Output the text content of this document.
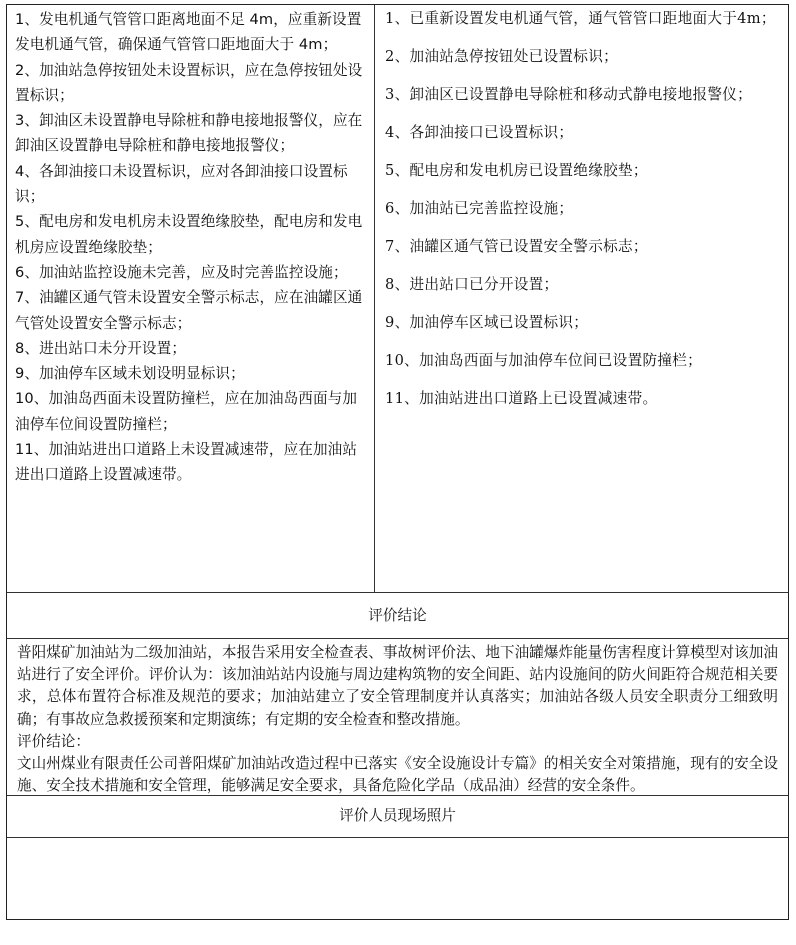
1、发电机通气管管口距离地面不足 4m，应重新设置发电机通气管，确保通气管管口距地面大于 4m；

2、加油站急停按钮处未设置标识，应在急停按钮处设置标识；

3、卸油区未设置静电导除桩和静电接地报警仪，应在卸油区设置静电导除桩和静电接地报警仪；

4、各卸油接口未设置标识，应对各卸油接口设置标识；

5、配电房和发电机房未设置绝缘胶垫，配电房和发电机房应设置绝缘胶垫；

6、加油站监控设施未完善，应及时完善监控设施；

7、油罐区通气管未设置安全警示标志，应在油罐区通气管处设置安全警示标志；

8、进出站口未分开设置；

9、加油停车区域未划设明显标识；

10、加油岛西面未设置防撞栏，应在加油岛西面与加油停车位间设置防撞栏；

11、加油站进出口道路上未设置减速带，应在加油站进出口道路上设置减速带。

1、已重新设置发电机通气管，通气管管口距地面大于4m；

2、加油站急停按钮处已设置标识；

3、卸油区已设置静电导除桩和移动式静电接地报警仪；

4、各卸油接口已设置标识；

5、配电房和发电机房已设置绝缘胶垫；

6、加油站已完善监控设施；

7、油罐区通气管已设置安全警示标志；

8、进出站口已分开设置；

9、加油停车区域已设置标识；

10、加油岛西面与加油停车位间已设置防撞栏；

11、加油站进出口道路上已设置减速带。

评价结论

普阳煤矿加油站为二级加油站，本报告采用安全检查表、事故树评价法、地下油罐爆炸能量伤害程度计算模型对该加油站进行了安全评价。评价认为：该加油站站内设施与周边建构筑物的安全间距、站内设施间的防火间距符合规范相关要求，总体布置符合标准及规范的要求；加油站建立了安全管理制度并认真落实；加油站各级人员安全职责分工细致明确；有事故应急救援预案和定期演练；有定期的安全检查和整改措施。

评价结论：

文山州煤业有限责任公司普阳煤矿加油站改造过程中已落实《安全设施设计专篇》的相关安全对策措施，现有的安全设施、安全技术措施和安全管理，能够满足安全要求，具备危险化学品（成品油）经营的安全条件。

评价人员现场照片
